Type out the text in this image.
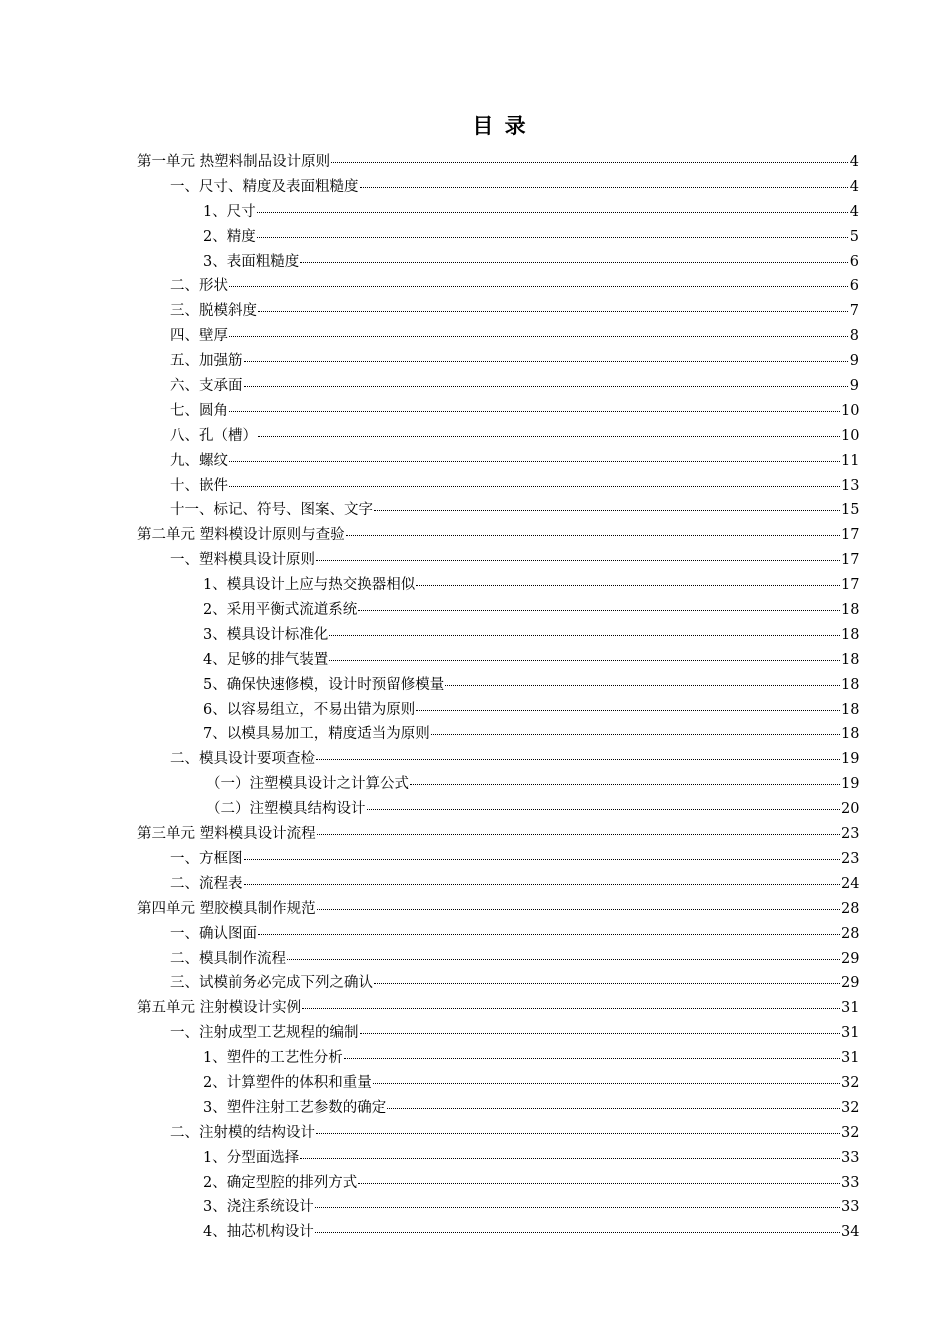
目 录
第一单元 热塑料制品设计原则	4
一、尺寸、精度及表面粗糙度	4
1、尺寸	4
2、精度	5
3、表面粗糙度	6
二、形状	6
三、脱模斜度	7
四、壁厚	8
五、加强筋	9
六、支承面	9
七、圆角	10
八、孔（槽）	10
九、螺纹	11
十、嵌件	13
十一、标记、符号、图案、文字	15
第二单元 塑料模设计原则与查验	17
一、塑料模具设计原则	17
1、模具设计上应与热交换器相似	17
2、采用平衡式流道系统	18
3、模具设计标准化	18
4、足够的排气装置	18
5、确保快速修模，设计时预留修模量	18
6、以容易组立，不易出错为原则	18
7、以模具易加工，精度适当为原则	18
二、模具设计要项查检	19
（一）注塑模具设计之计算公式	19
（二）注塑模具结构设计	20
第三单元 塑料模具设计流程	23
一、方框图	23
二、流程表	24
第四单元 塑胶模具制作规范	28
一、确认图面	28
二、模具制作流程	29
三、试模前务必完成下列之确认	29
第五单元 注射模设计实例	31
一、注射成型工艺规程的编制	31
1、塑件的工艺性分析	31
2、计算塑件的体积和重量	32
3、塑件注射工艺参数的确定	32
二、注射模的结构设计	32
1、分型面选择	33
2、确定型腔的排列方式	33
3、浇注系统设计	33
4、抽芯机构设计	34
